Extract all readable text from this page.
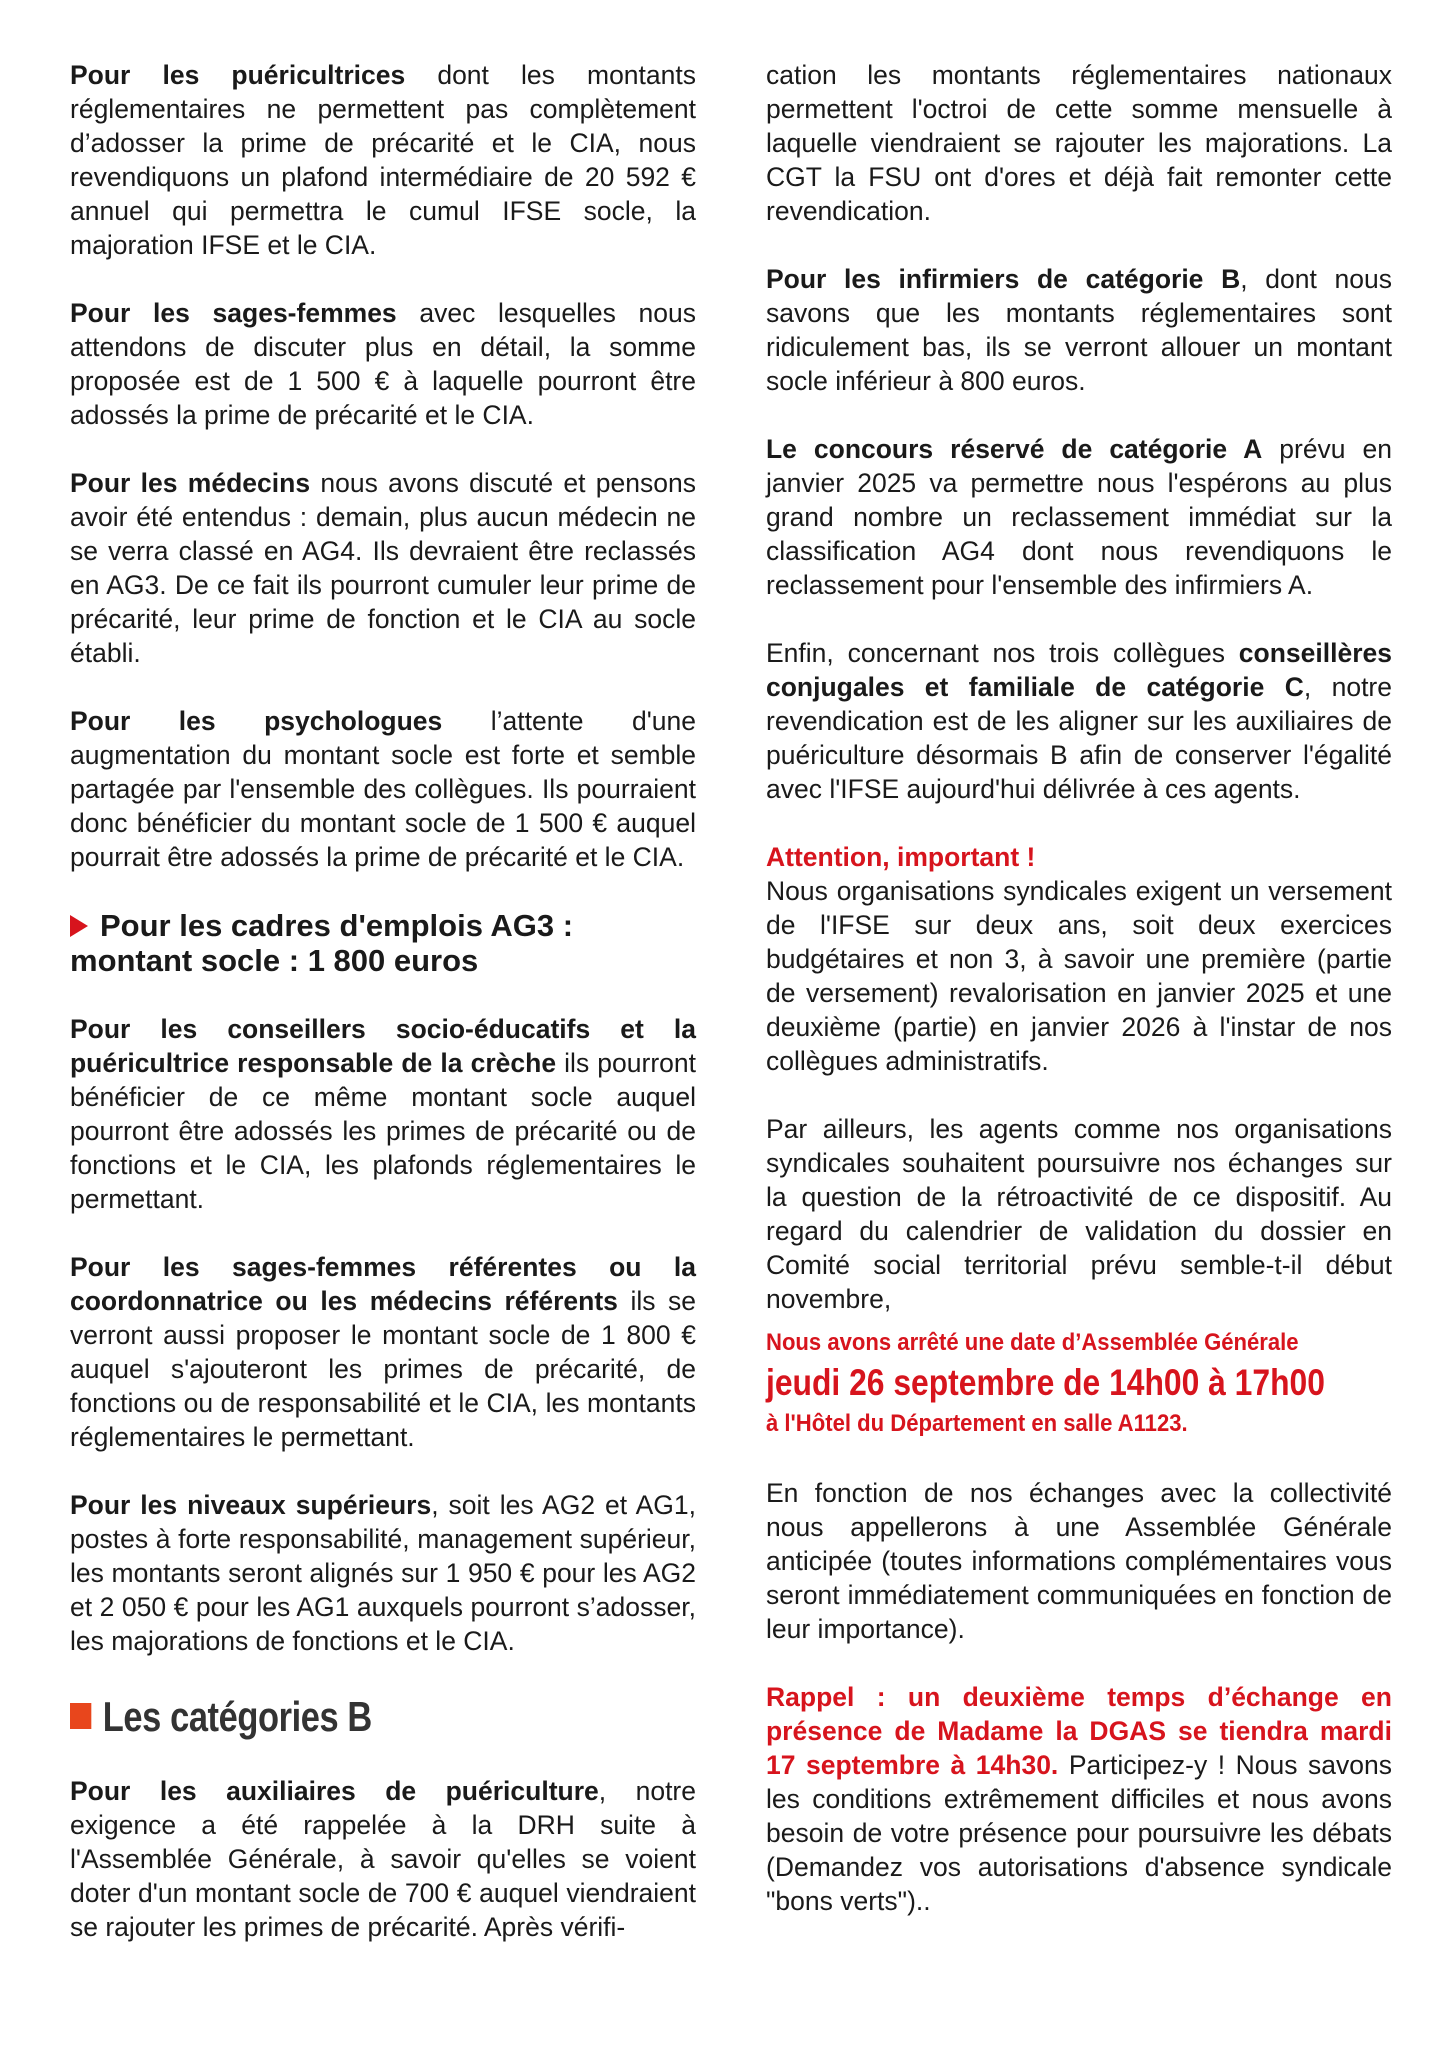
Pour les puéricultrices dont les montants réglementaires ne permettent pas complètement d’adosser la prime de précarité et le CIA, nous revendiquons un plafond intermédiaire de 20 592 € annuel qui permettra le cumul IFSE socle, la majoration IFSE et le CIA.

Pour les sages-femmes avec lesquelles nous attendons de discuter plus en détail, la somme proposée est de 1 500 € à laquelle pourront être adossés la prime de précarité et le CIA.

Pour les médecins nous avons discuté et pensons avoir été entendus : demain, plus aucun médecin ne se verra classé en AG4. Ils devraient être reclassés en AG3. De ce fait ils pourront cumuler leur prime de précarité, leur prime de fonction et le CIA au socle établi.

Pour les psychologues l’attente d'une augmentation du montant socle est forte et semble partagée par l'ensemble des collègues. Ils pourraient donc bénéficier du montant socle de 1 500 € auquel pourrait être adossés la prime de précarité et le CIA.

Pour les cadres d'emplois AG3 :
montant socle : 1 800 euros

Pour les conseillers socio-éducatifs et la puéricultrice responsable de la crèche ils pourront bénéficier de ce même montant socle auquel pourront être adossés les primes de précarité ou de fonctions et le CIA, les plafonds réglementaires le permettant.

Pour les sages-femmes référentes ou la coordonnatrice ou les médecins référents ils se verront aussi proposer le montant socle de 1 800 € auquel s'ajouteront les primes de précarité, de fonctions ou de responsabilité et le CIA, les montants réglementaires le permettant.

Pour les niveaux supérieurs, soit les AG2 et AG1, postes à forte responsabilité, management supérieur, les montants seront alignés sur 1 950 € pour les AG2 et 2 050 € pour les AG1 auxquels pourront s’adosser, les majorations de fonctions et le CIA.

Les catégories B

Pour les auxiliaires de puériculture, notre exigence a été rappelée à la DRH suite à l'Assemblée Générale, à savoir qu'elles se voient doter d'un montant socle de 700 € auquel viendraient se rajouter les primes de précarité. Après vérifi-

cation les montants réglementaires nationaux permettent l'octroi de cette somme mensuelle à laquelle viendraient se rajouter les majorations. La CGT la FSU ont d'ores et déjà fait remonter cette revendication.

Pour les infirmiers de catégorie B, dont nous savons que les montants réglementaires sont ridiculement bas, ils se verront allouer un montant socle inférieur à 800 euros.

Le concours réservé de catégorie A prévu en janvier 2025 va permettre nous l'espérons au plus grand nombre un reclassement immédiat sur la classification AG4 dont nous revendiquons le reclassement pour l'ensemble des infirmiers A.

Enfin, concernant nos trois collègues conseillères conjugales et familiale de catégorie C, notre revendication est de les aligner sur les auxiliaires de puériculture désormais B afin de conserver l'égalité avec l'IFSE aujourd'hui délivrée à ces agents.

Attention, important !
Nous organisations syndicales exigent un versement de l'IFSE sur deux ans, soit deux exercices budgétaires et non 3, à savoir une première (partie de versement) revalorisation en janvier 2025 et une deuxième (partie) en janvier 2026 à l'instar de nos collègues administratifs.

Par ailleurs, les agents comme nos organisations syndicales souhaitent poursuivre nos échanges sur la question de la rétroactivité de ce dispositif. Au regard du calendrier de validation du dossier en Comité social territorial prévu semble-t-il début novembre,

Nous avons arrêté une date d’Assemblée Générale
jeudi 26 septembre de 14h00 à 17h00
à l'Hôtel du Département en salle A1123.

En fonction de nos échanges avec la collectivité nous appellerons à une Assemblée Générale anticipée (toutes informations complémentaires vous seront immédiatement communiquées en fonction de leur importance).

Rappel : un deuxième temps d’échange en présence de Madame la DGAS se tiendra mardi 17 septembre à 14h30. Participez-y ! Nous savons les conditions extrêmement difficiles et nous avons besoin de votre présence pour poursuivre les débats (Demandez vos autorisations d'absence syndicale "bons verts")..
